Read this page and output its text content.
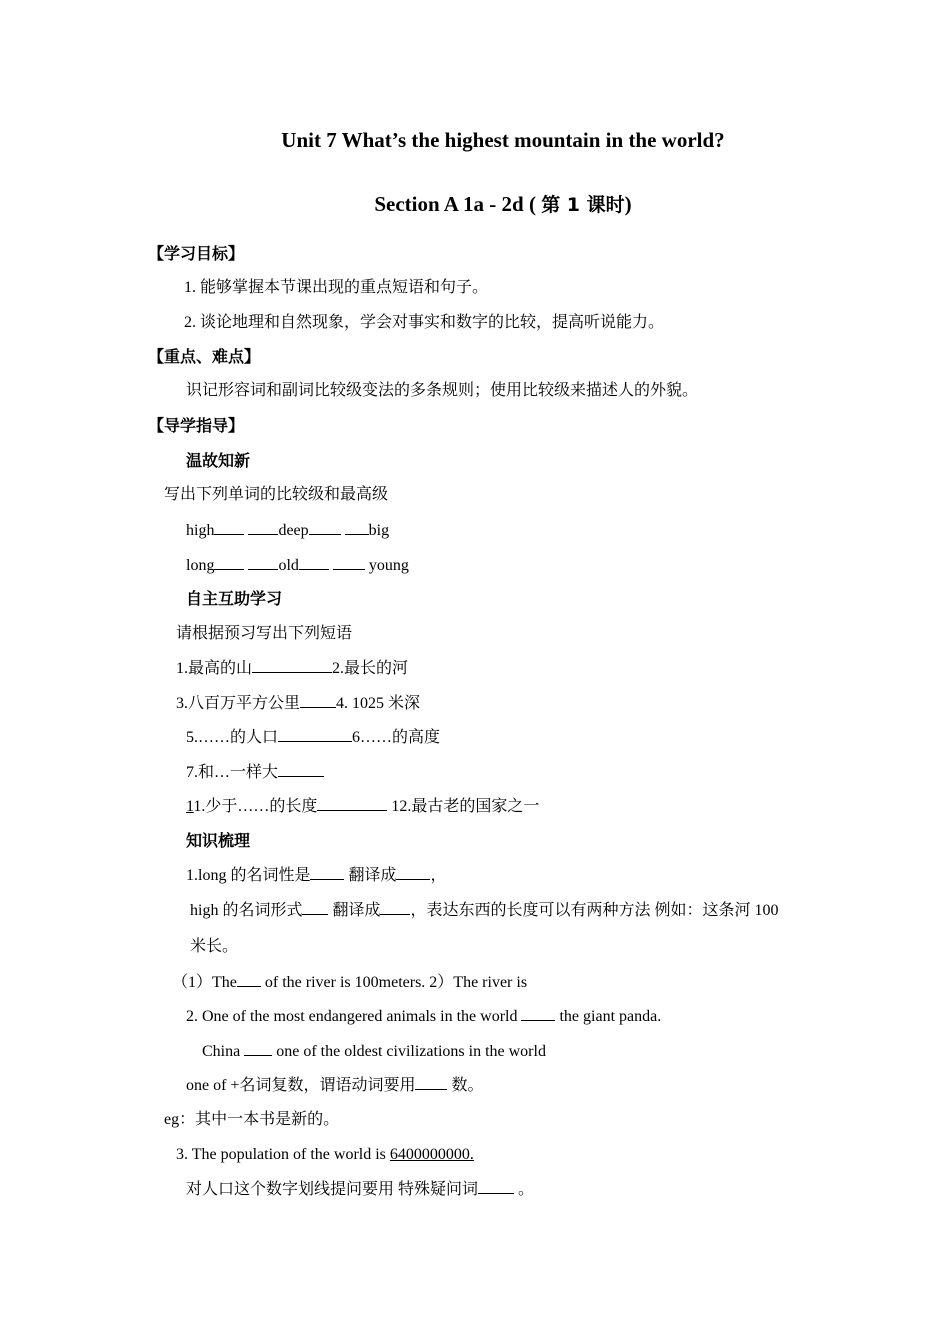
Unit 7 What’s the highest mountain in the world?
Section A 1a - 2d ( 第 1 课时)
【学习目标】
1. 能够掌握本节课出现的重点短语和句子。
2. 谈论地理和自然现象，学会对事实和数字的比较，提高听说能力。
【重点、难点】
识记形容词和副词比较级变法的多条规则；使用比较级来描述人的外貌。
【导学指导】
温故知新
写出下列单词的比较级和最高级
high	deep	big
long	old	young
自主互助学习
请根据预习写出下列短语
1.最高的山	2.最长的河
3.八百万平方公里 4. 1025 米深
5.……的人口	6……的高度
7.和…一样大
11.少于……的长度	12.最古老的国家之一
知识梳理
1.long 的名词性是 翻译成 ，
high 的名词形式 翻译成 ，表达东西的长度可以有两种方法 例如：这条河 100
米长。
（1）The of the river is 100meters. 2）The river is
2. One of the most endangered animals in the world  the giant panda.
China  one of the oldest civilizations in the world
one of +名词复数，谓语动词要用 数。
eg：其中一本书是新的。
3. The population of the world is 6400000000.
对人口这个数字划线提问要用 特殊疑问词 。
